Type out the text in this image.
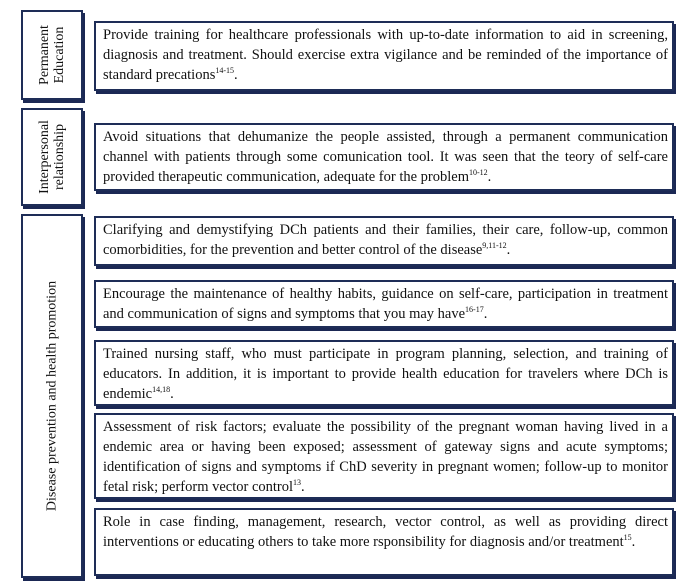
Permanent
Education
Interpersonal
relationship
Disease prevention and health promotion
Provide training for healthcare professionals with up-to-date information to aid in screening, diagnosis and treatment. Should exercise extra vigilance and be reminded of the importance of standard precations$^{14-15}$.
Avoid situations that dehumanize the people assisted, through a permanent communication channel with patients through some comunication tool. It was seen that the teory of self-care provided therapeutic communication, adequate for the problem$^{10-12}$.
Clarifying and demystifying DCh patients and their families, their care, follow-up, common comorbidities, for the prevention and better control of the disease$^{9,11-12}$.
Encourage the maintenance of healthy habits, guidance on self-care, participation in treatment and communication of signs and symptoms that you may have$^{16-17}$.
Trained nursing staff, who must participate in program planning, selection, and training of educators. In addition, it is important to provide health education for travelers where DCh is endemic$^{14,18}$.
Assessment of risk factors; evaluate the possibility of the pregnant woman having lived in a endemic area or having been exposed; assessment of gateway signs and acute symptoms; identification of signs and symptoms if ChD severity in pregnant women; follow-up to monitor fetal risk; perform vector control$^{13}$.
Role in case finding, management, research, vector control, as well as providing direct interventions or educating others to take more rsponsibility for diagnosis and/or treatment$^{15}$.
